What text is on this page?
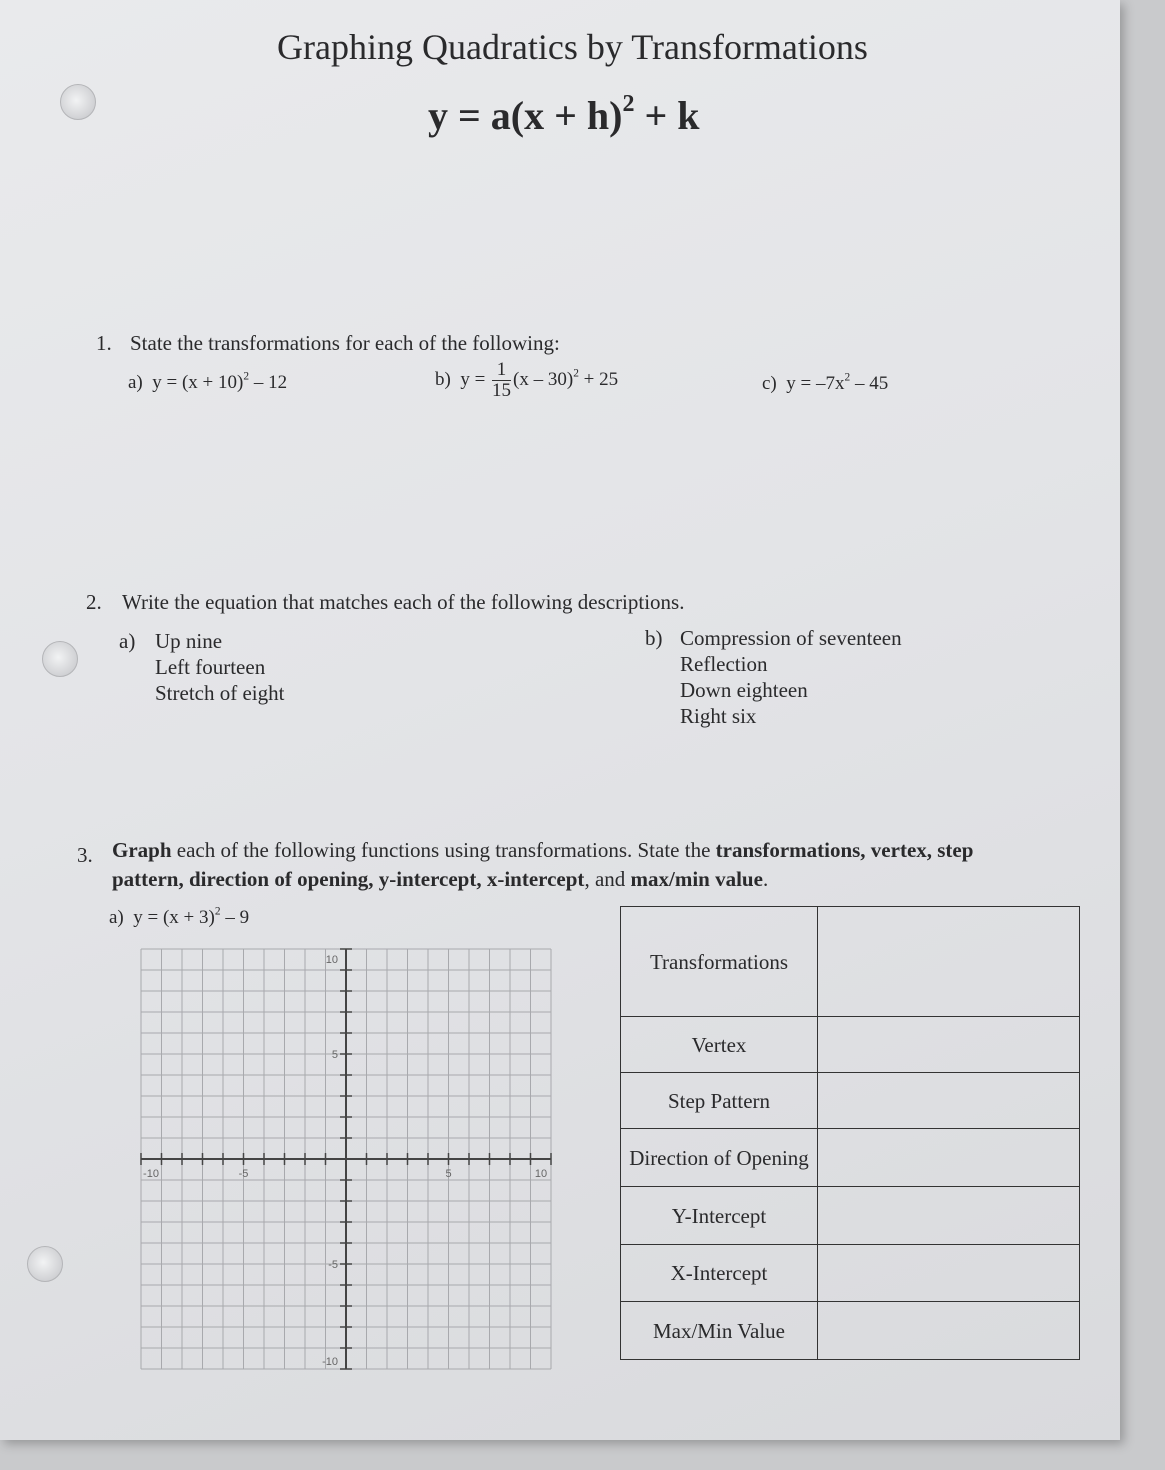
Graphing Quadratics by Transformations
$y = a(x + h)^2 + k$
1. State the transformations for each of the following:
a) $y = (x + 10)^2 - 12$	b) $y = \frac{1}{15} (x - 30)^2 + 25$	c) $y = -7x^2 - 45$
2. Write the equation that matches each of the following descriptions.
a) Up nine
Left fourteen
Stretch of eight
b) Compression of seventeen
Reflection
Down eighteen
Right six
3. Graph each of the following functions using transformations. State the transformations, vertex, step
pattern, direction of opening, y-intercept, x-intercept, and max/min value.
a) $y = (x + 3)^2 - 9$
-10	-5	5	10
10
5
-5
-10
Transformations	
Vertex	
Step Pattern	
Direction of Opening	
Y-Intercept	
X-Intercept	
Max/Min Value	
